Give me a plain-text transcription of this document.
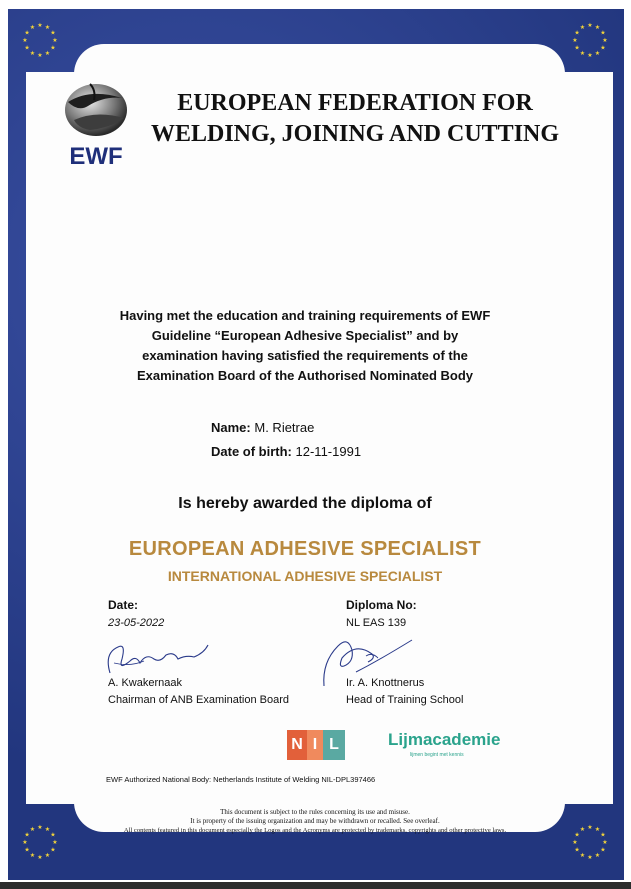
★
★
★
★
★
★
★
★
★ ★ ★
★
★
★
★
★
★
★
★
★
★ ★ ★
★
★
★
★
★
★
★
★
★
★ ★ ★
★
★
★
★
★
★
★
★
★
★ ★ ★
★
EWF
EUROPEAN FEDERATION FOR
WELDING, JOINING AND CUTTING
Having met the education and training requirements of EWF
Guideline “European Adhesive Specialist” and by
examination having satisfied the requirements of the
Examination Board of the Authorised Nominated Body
Name: M. Rietrae
Date of birth: 12-11-1991
Is hereby awarded the diploma of
EUROPEAN ADHESIVE SPECIALIST
INTERNATIONAL ADHESIVE SPECIALIST
Date:
23-05-2022
Diploma No:
NL EAS 139
A. Kwakernaak
Chairman of ANB Examination Board
Ir. A. Knottnerus
Head of Training School
N I L	Lijmacademie
lijmen begint met kennis
EWF Authorized National Body: Netherlands Institute of Welding NIL-DPL397466
This document is subject to the rules concerning its use and misuse.
It is property of the issuing organization and may be withdrawn or recalled. See overleaf.
All contents featured in this document especially the Logos and the Acronyms are protected by trademarks, copyrights and other protective laws.
